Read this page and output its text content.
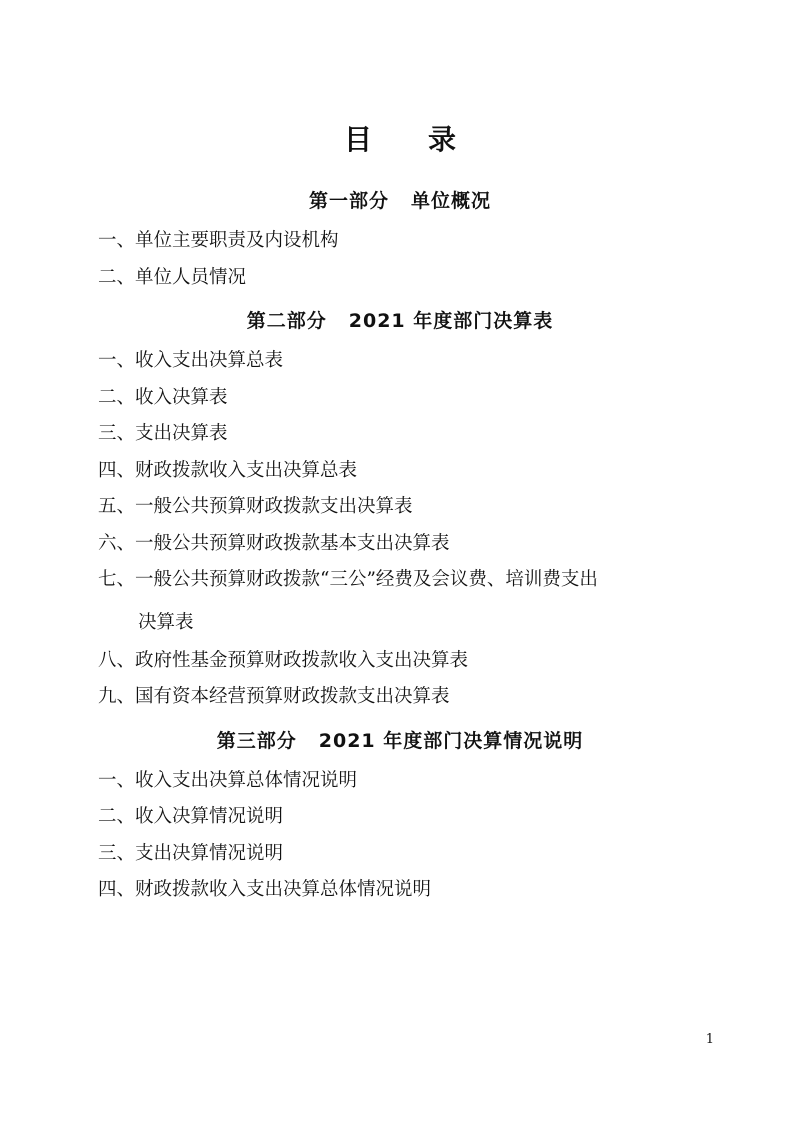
目　录
第一部分 单位概况
一、单位主要职责及内设机构
二、单位人员情况
第二部分 2021 年度部门决算表
一、收入支出决算总表
二、收入决算表
三、支出决算表
四、财政拨款收入支出决算总表
五、一般公共预算财政拨款支出决算表
六、一般公共预算财政拨款基本支出决算表
七、一般公共预算财政拨款“三公”经费及会议费、培训费支出
决算表
八、政府性基金预算财政拨款收入支出决算表
九、国有资本经营预算财政拨款支出决算表
第三部分 2021 年度部门决算情况说明
一、收入支出决算总体情况说明
二、收入决算情况说明
三、支出决算情况说明
四、财政拨款收入支出决算总体情况说明
1
